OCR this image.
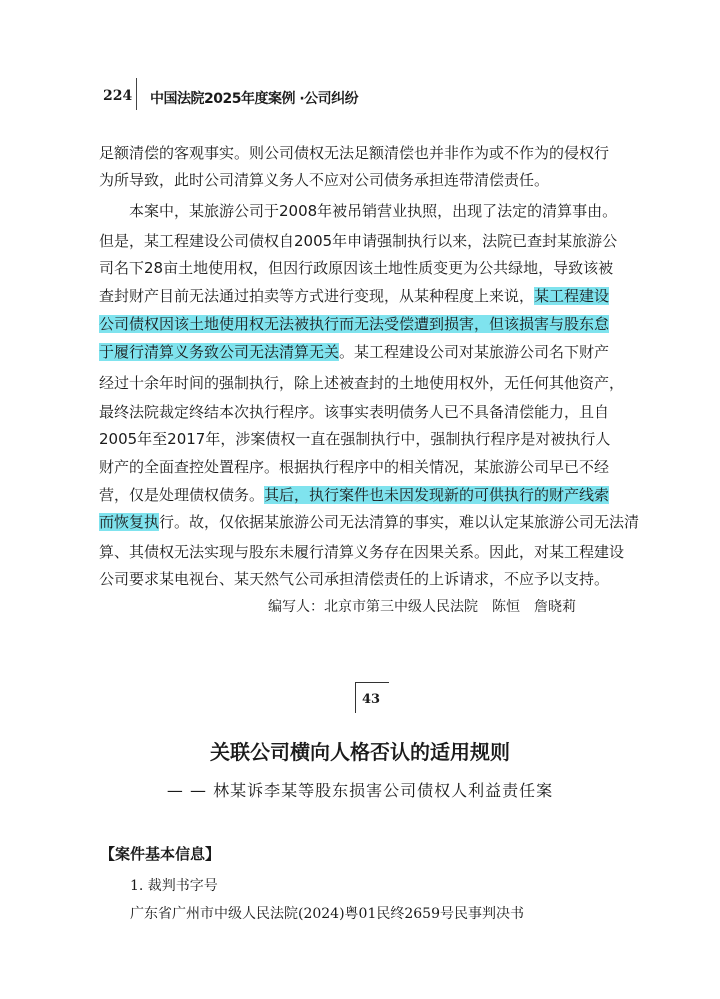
224 中国法院2025年度案例 ·公司纠纷
足额清偿的客观事实。则公司债权无法足额清偿也并非作为或不作为的侵权行
为所导致，此时公司清算义务人不应对公司债务承担连带清偿责任。
　　本案中，某旅游公司于2008年被吊销营业执照，出现了法定的清算事由。
但是，某工程建设公司债权自2005年申请强制执行以来，法院已查封某旅游公
司名下28亩土地使用权，但因行政原因该土地性质变更为公共绿地，导致该被
查封财产目前无法通过拍卖等方式进行变现，从某种程度上来说，某工程建设
公司债权因该土地使用权无法被执行而无法受偿遭到损害，但该损害与股东怠
于履行清算义务致公司无法清算无关。某工程建设公司对某旅游公司名下财产
经过十余年时间的强制执行，除上述被查封的土地使用权外，无任何其他资产，
最终法院裁定终结本次执行程序。该事实表明债务人已不具备清偿能力，且自
2005年至2017年，涉案债权一直在强制执行中，强制执行程序是对被执行人
财产的全面查控处置程序。根据执行程序中的相关情况，某旅游公司早已不经
营，仅是处理债权债务。其后，执行案件也未因发现新的可供执行的财产线索
而恢复执行。故，仅依据某旅游公司无法清算的事实，难以认定某旅游公司无法清
算、其债权无法实现与股东未履行清算义务存在因果关系。因此，对某工程建设
公司要求某电视台、某天然气公司承担清偿责任的上诉请求，不应予以支持。
编写人：北京市第三中级人民法院　陈恒　詹晓莉
43
关联公司横向人格否认的适用规则
— — 林某诉李某等股东损害公司债权人利益责任案
【案件基本信息】
1. 裁判书字号
广东省广州市中级人民法院(2024)粤01民终2659号民事判决书
